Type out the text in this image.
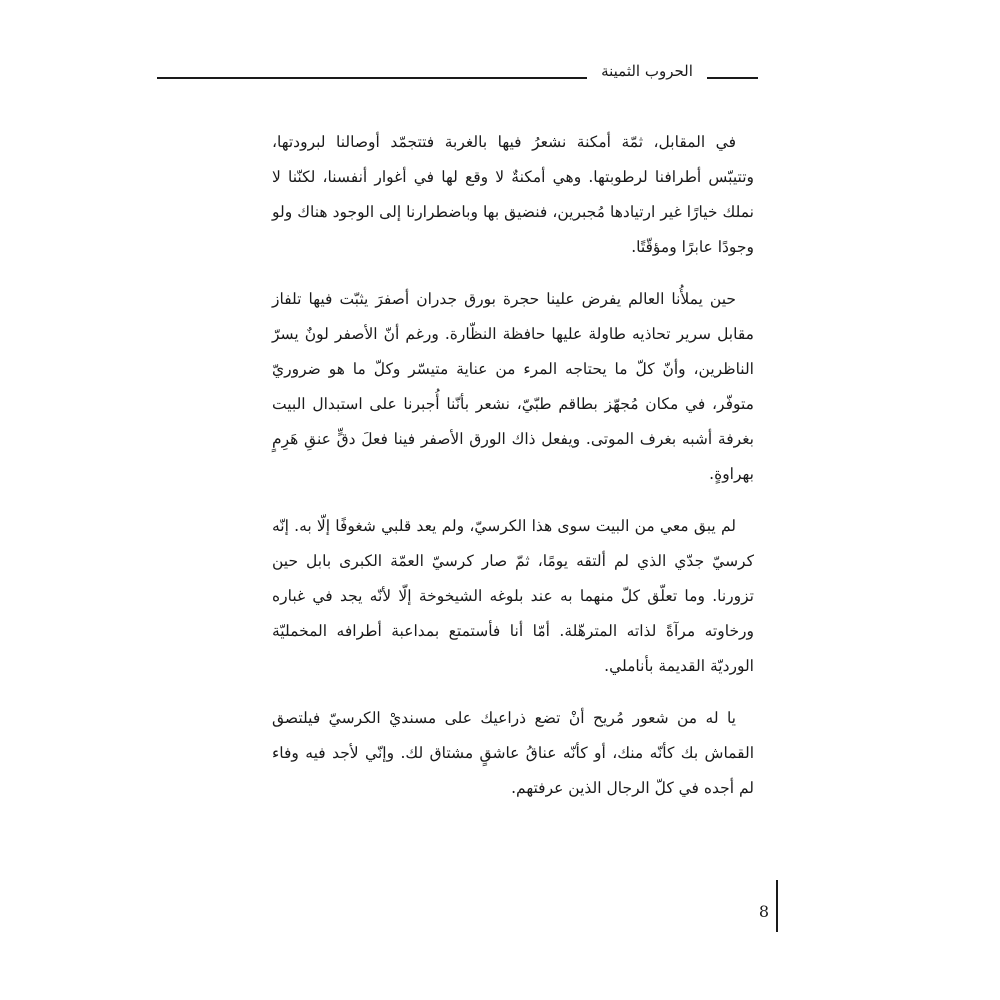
الحروب الثمينة

في المقابل، ثمّة أمكنة نشعرُ فيها بالغربة فتتجمّد أوصالنا لبرودتها، وتتيبّس أطرافنا لرطوبتها. وهي أمكنةٌ لا وقع لها في أغوار أنفسنا، لكنّنا لا نملك خيارًا غير ارتيادها مُجبرين، فنضيق بها وباضطرارنا إلى الوجود هناك ولو وجودًا عابرًا ومؤقّتًا.

حين يملأُنا العالم يفرض علينا حجرة بورق جدران أصفرَ يثبّت فيها تلفاز مقابل سرير تحاذيه طاولة عليها حافظة النظّارة. ورغم أنّ الأصفر لونٌ يسرّ الناظرين، وأنّ كلّ ما يحتاجه المرء من عناية متيسّر وكلّ ما هو ضروريّ متوفّر، في مكان مُجهّز بطاقم طبّيّ، نشعر بأنّنا أُجبرنا على استبدال البيت بغرفة أشبه بغرف الموتى. ويفعل ذاك الورق الأصفر فينا فعلَ دقٍّ عنقِ هَرِمٍ بهراوةٍ.

لم يبق معي من البيت سوى هذا الكرسيّ، ولم يعد قلبي شغوفًا إلّا به. إنّه كرسيّ جدّي الذي لم ألتقه يومًا، ثمّ صار كرسيّ العمّة الكبرى بابل حين تزورنا. وما تعلّق كلّ منهما به عند بلوغه الشيخوخة إلّا لأنّه يجد في غباره ورخاوته مرآةً لذاته المترهّلة. أمّا أنا فأستمتع بمداعبة أطرافه المخمليّة الورديّة القديمة بأناملي.

يا له من شعور مُريح أنْ تضع ذراعيك على مسنديْ الكرسيّ فيلتصق القماش بك كأنّه منك، أو كأنّه عناقُ عاشقٍ مشتاق لك. وإنّي لأجد فيه وفاء لم أجده في كلّ الرجال الذين عرفتهم.

8
